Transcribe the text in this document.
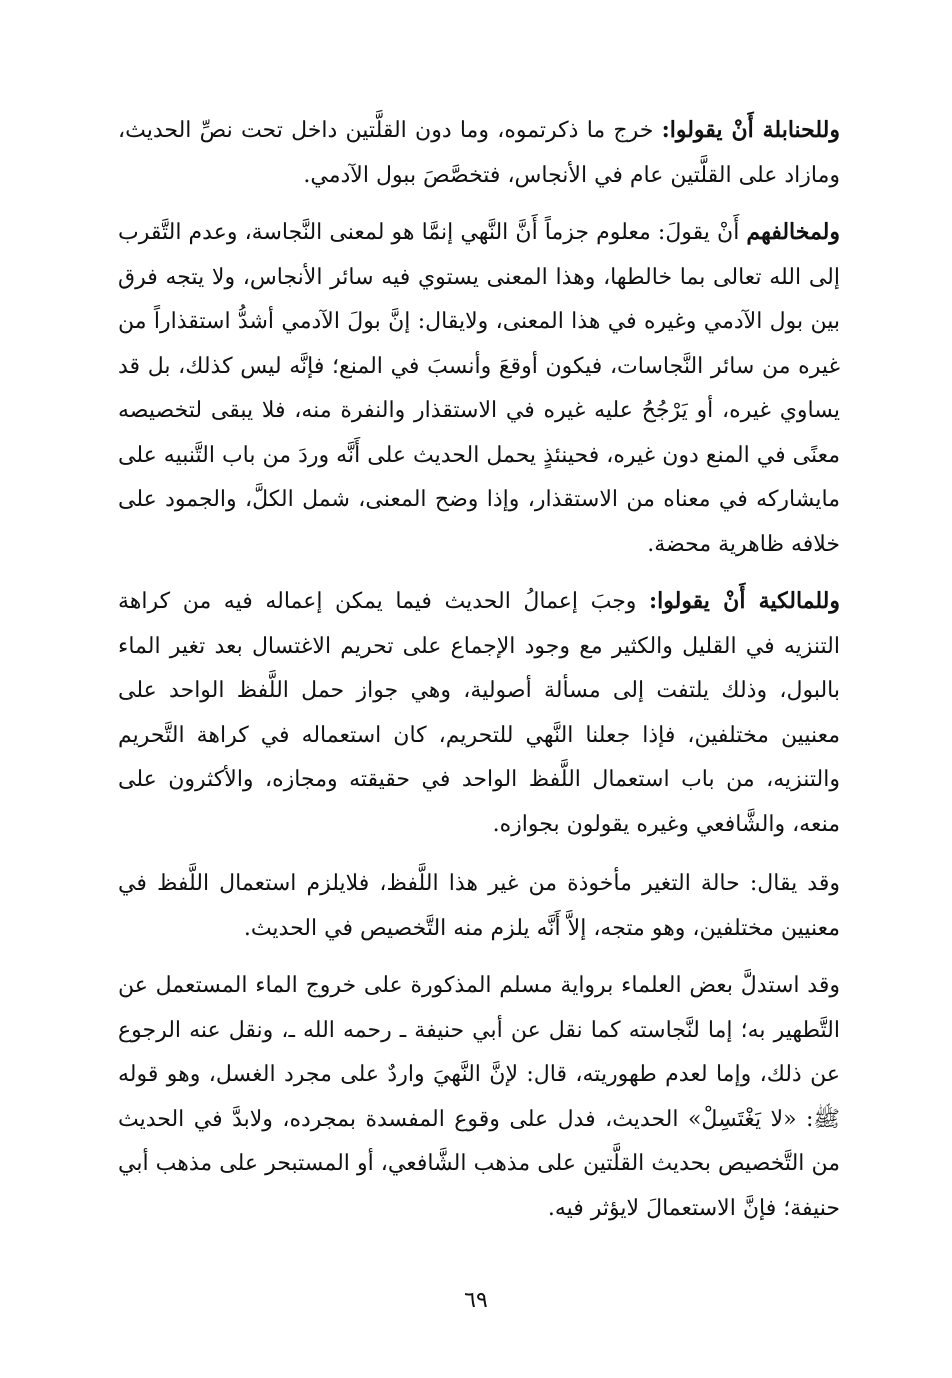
وللحنابلة أَنْ يقولوا: خرج ما ذكرتموه، وما دون القلَّتين داخل تحت نصِّ الحديث، ومازاد على القلَّتين عام في الأنجاس، فتخصَّصَ ببول الآدمي.

ولمخالفهم أَنْ يقولَ: معلوم جزماً أَنَّ النَّهي إنمَّا هو لمعنى النَّجاسة، وعدم التَّقرب إلى الله تعالى بما خالطها، وهذا المعنى يستوي فيه سائر الأنجاس، ولا يتجه فرق بين بول الآدمي وغيره في هذا المعنى، ولايقال: إنَّ بولَ الآدمي أشدُّ استقذاراً من غيره من سائر النَّجاسات، فيكون أوقعَ وأنسبَ في المنع؛ فإنَّه ليس كذلك، بل قد يساوي غيره، أو يَرْجُحُ عليه غيره في الاستقذار والنفرة منه، فلا يبقى لتخصيصه معنًى في المنع دون غيره، فحينئذٍ يحمل الحديث على أَنَّه وردَ من باب التَّنبيه على مايشاركه في معناه من الاستقذار، وإذا وضح المعنى، شمل الكلَّ، والجمود على خلافه ظاهرية محضة.

وللمالكية أَنْ يقولوا: وجبَ إعمالُ الحديث فيما يمكن إعماله فيه من كراهة التنزيه في القليل والكثير مع وجود الإجماع على تحريم الاغتسال بعد تغير الماء بالبول، وذلك يلتفت إلى مسألة أصولية، وهي جواز حمل اللَّفظ الواحد على معنيين مختلفين، فإذا جعلنا النَّهي للتحريم، كان استعماله في كراهة التَّحريم والتنزيه، من باب استعمال اللَّفظ الواحد في حقيقته ومجازه، والأكثرون على منعه، والشَّافعي وغيره يقولون بجوازه.

وقد يقال: حالة التغير مأخوذة من غير هذا اللَّفظ، فلايلزم استعمال اللَّفظ في معنيين مختلفين، وهو متجه، إلاَّ أَنَّه يلزم منه التَّخصيص في الحديث.

وقد استدلَّ بعض العلماء برواية مسلم المذكورة على خروج الماء المستعمل عن التَّطهير به؛ إما لنَّجاسته كما نقل عن أبي حنيفة ـ رحمه الله ـ، ونقل عنه الرجوع عن ذلك، وإما لعدم طهوريته، قال: لإنَّ النَّهيَ واردٌ على مجرد الغسل، وهو قوله ﷺ: «لا يَغْتَسِلْ» الحديث، فدل على وقوع المفسدة بمجرده، ولابدَّ في الحديث من التَّخصيص بحديث القلَّتين على مذهب الشَّافعي، أو المستبحر على مذهب أبي حنيفة؛ فإنَّ الاستعمالَ لايؤثر فيه.

٦٩
